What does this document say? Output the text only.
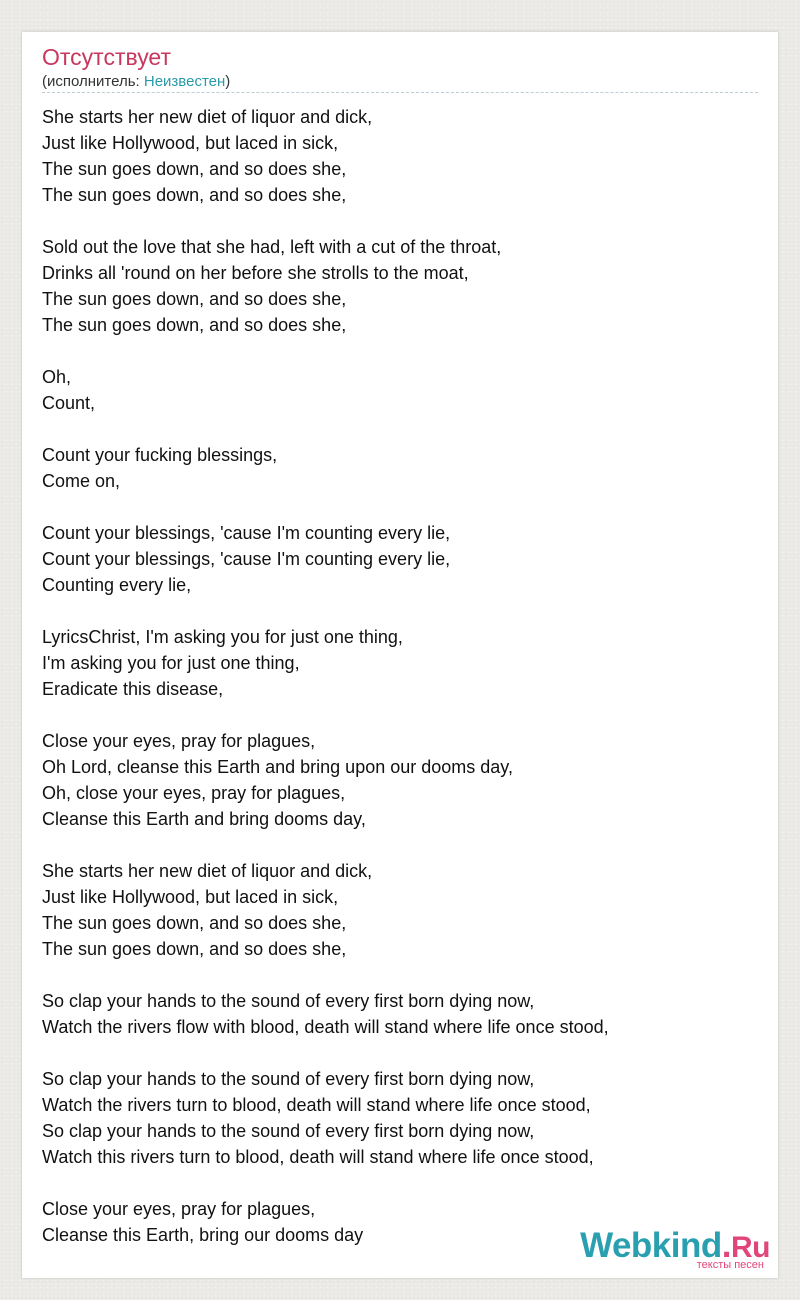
Отсутствует
(исполнитель: Неизвестен)
She starts her new diet of liquor and dick,
Just like Hollywood, but laced in sick,
The sun goes down, and so does she,
The sun goes down, and so does she,
Sold out the love that she had, left with a cut of the throat,
Drinks all 'round on her before she strolls to the moat,
The sun goes down, and so does she,
The sun goes down, and so does she,
Oh,
Count,
Count your fucking blessings,
Come on,
Count your blessings, 'cause I'm counting every lie,
Count your blessings, 'cause I'm counting every lie,
Counting every lie,
LyricsChrist, I'm asking you for just one thing,
I'm asking you for just one thing,
Eradicate this disease,
Close your eyes, pray for plagues,
Oh Lord, cleanse this Earth and bring upon our dooms day,
Oh, close your eyes, pray for plagues,
Cleanse this Earth and bring dooms day,
She starts her new diet of liquor and dick,
Just like Hollywood, but laced in sick,
The sun goes down, and so does she,
The sun goes down, and so does she,
So clap your hands to the sound of every first born dying now,
Watch the rivers flow with blood, death will stand where life once stood,
So clap your hands to the sound of every first born dying now,
Watch the rivers turn to blood, death will stand where life once stood,
So clap your hands to the sound of every first born dying now,
Watch this rivers turn to blood, death will stand where life once stood,
Close your eyes, pray for plagues,
Cleanse this Earth, bring our dooms day	Webkind.Ru
тексты песен
